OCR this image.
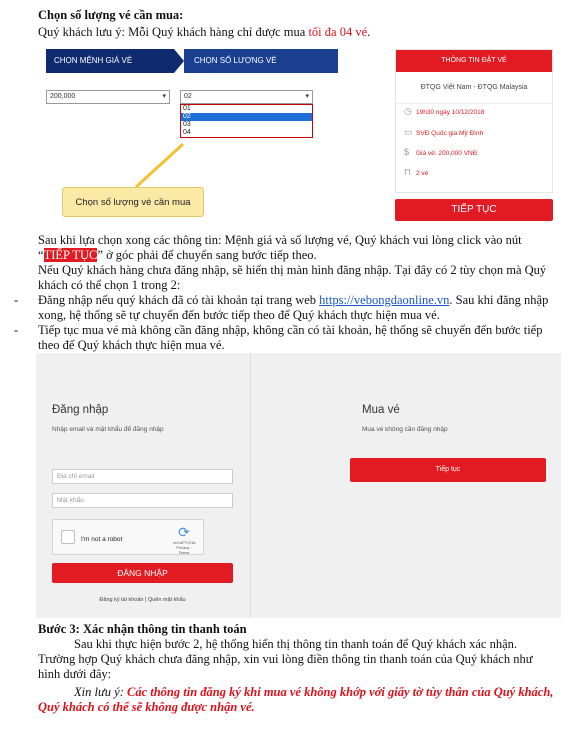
Chọn số lượng vé cần mua:
Quý khách lưu ý: Mỗi Quý khách hàng chỉ được mua tối đa 04 vé.
CHỌN MỆNH GIÁ VÉ	CHỌN SỐ LƯỢNG VÉ
200,000	▾	02	▾
01
02
03
04
Chọn số lượng vé cần mua
THÔNG TIN ĐẶT VÉ
ĐTQG Việt Nam - ĐTQG Malaysia
◷ 19h30 ngày 10/12/2018
▭ SVĐ Quốc gia Mỹ Đình
$ Giá vé: 200,000 VNĐ
⊓ 2 vé
TIẾP TỤC
Sau khi lựa chọn xong các thông tin: Mệnh giá và số lượng vé, Quý khách vui lòng click vào nút
“TIẾP TỤC” ở góc phải để chuyển sang bước tiếp theo.
Nếu Quý khách hàng chưa đăng nhập, sẽ hiển thị màn hình đăng nhập. Tại đây có 2 tùy chọn mà Quý
khách có thể chọn 1 trong 2:
- Đăng nhập nếu quý khách đã có tài khoản tại trang web https://vebongdaonline.vn. Sau khi đăng nhập
xong, hệ thống sẽ tự chuyển đến bước tiếp theo để Quý khách thực hiện mua vé.
- Tiếp tục mua vé mà không cần đăng nhập, không cần có tài khoản, hệ thống sẽ chuyển đến bước tiếp
theo để Quý khách thực hiện mua vé.
Đăng nhập
Nhập email và mật khẩu để đăng nhập
Địa chỉ email
Mật khẩu
I'm not a robot	⟳
reCAPTCHA
Privacy - Terms
ĐĂNG NHẬP
Đăng ký tài khoản | Quên mật khẩu
Mua vé
Mua vé không cần đăng nhập
Tiếp tục
Bước 3: Xác nhận thông tin thanh toán
Sau khi thực hiện bước 2, hệ thống hiển thị thông tin thanh toán để Quý khách xác nhận.
Trường hợp Quý khách chưa đăng nhập, xin vui lòng điền thông tin thanh toán của Quý khách như
hình dưới đây:
Xin lưu ý: Các thông tin đăng ký khi mua vé không khớp với giấy tờ tùy thân của Quý khách,
Quý khách có thể sẽ không được nhận vé.
